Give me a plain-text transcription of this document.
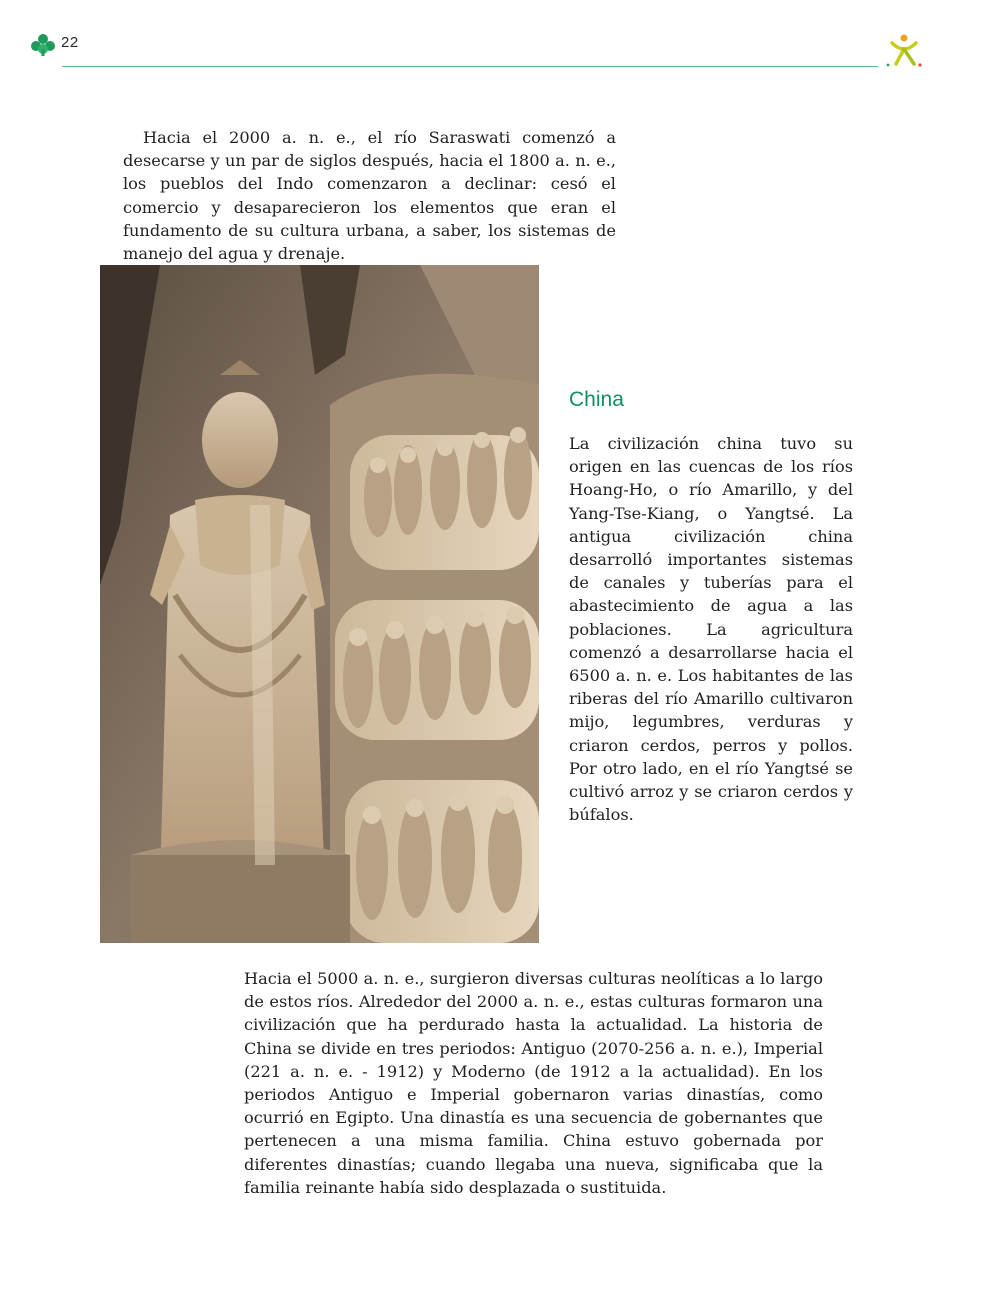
22

Hacia el 2000 a. n. e., el río Saraswati comenzó a desecarse y un par de siglos después, hacia el 1800 a. n. e., los pueblos del Indo comenzaron a declinar: cesó el comercio y desaparecieron los elementos que eran el fundamento de su cultura urbana, a saber, los sistemas de manejo del agua y drenaje.

China

La civilización china tuvo su origen en las cuencas de los ríos Hoang-Ho, o río Amarillo, y del Yang-Tse-Kiang, o Yangtsé. La antigua civilización china desarrolló importantes sistemas de canales y tuberías para el abastecimiento de agua a las poblaciones. La agricultura comenzó a desarrollarse hacia el 6500 a. n. e. Los habitantes de las riberas del río Amarillo cultivaron mijo, legumbres, verduras y criaron cerdos, perros y pollos. Por otro lado, en el río Yangtsé se cultivó arroz y se criaron cerdos y búfalos.

Hacia el 5000 a. n. e., surgieron diversas culturas neolíticas a lo largo de estos ríos. Alrededor del 2000 a. n. e., estas culturas formaron una civilización que ha perdurado hasta la actualidad. La historia de China se divide en tres periodos: Antiguo (2070-256 a. n. e.), Imperial (221 a. n. e. - 1912) y Moderno (de 1912 a la actualidad). En los periodos Antiguo e Imperial gobernaron varias dinastías, como ocurrió en Egipto. Una dinastía es una secuencia de gobernantes que pertenecen a una misma familia. China estuvo gobernada por diferentes dinastías; cuando llegaba una nueva, significaba que la familia reinante había sido desplazada o sustituida.
